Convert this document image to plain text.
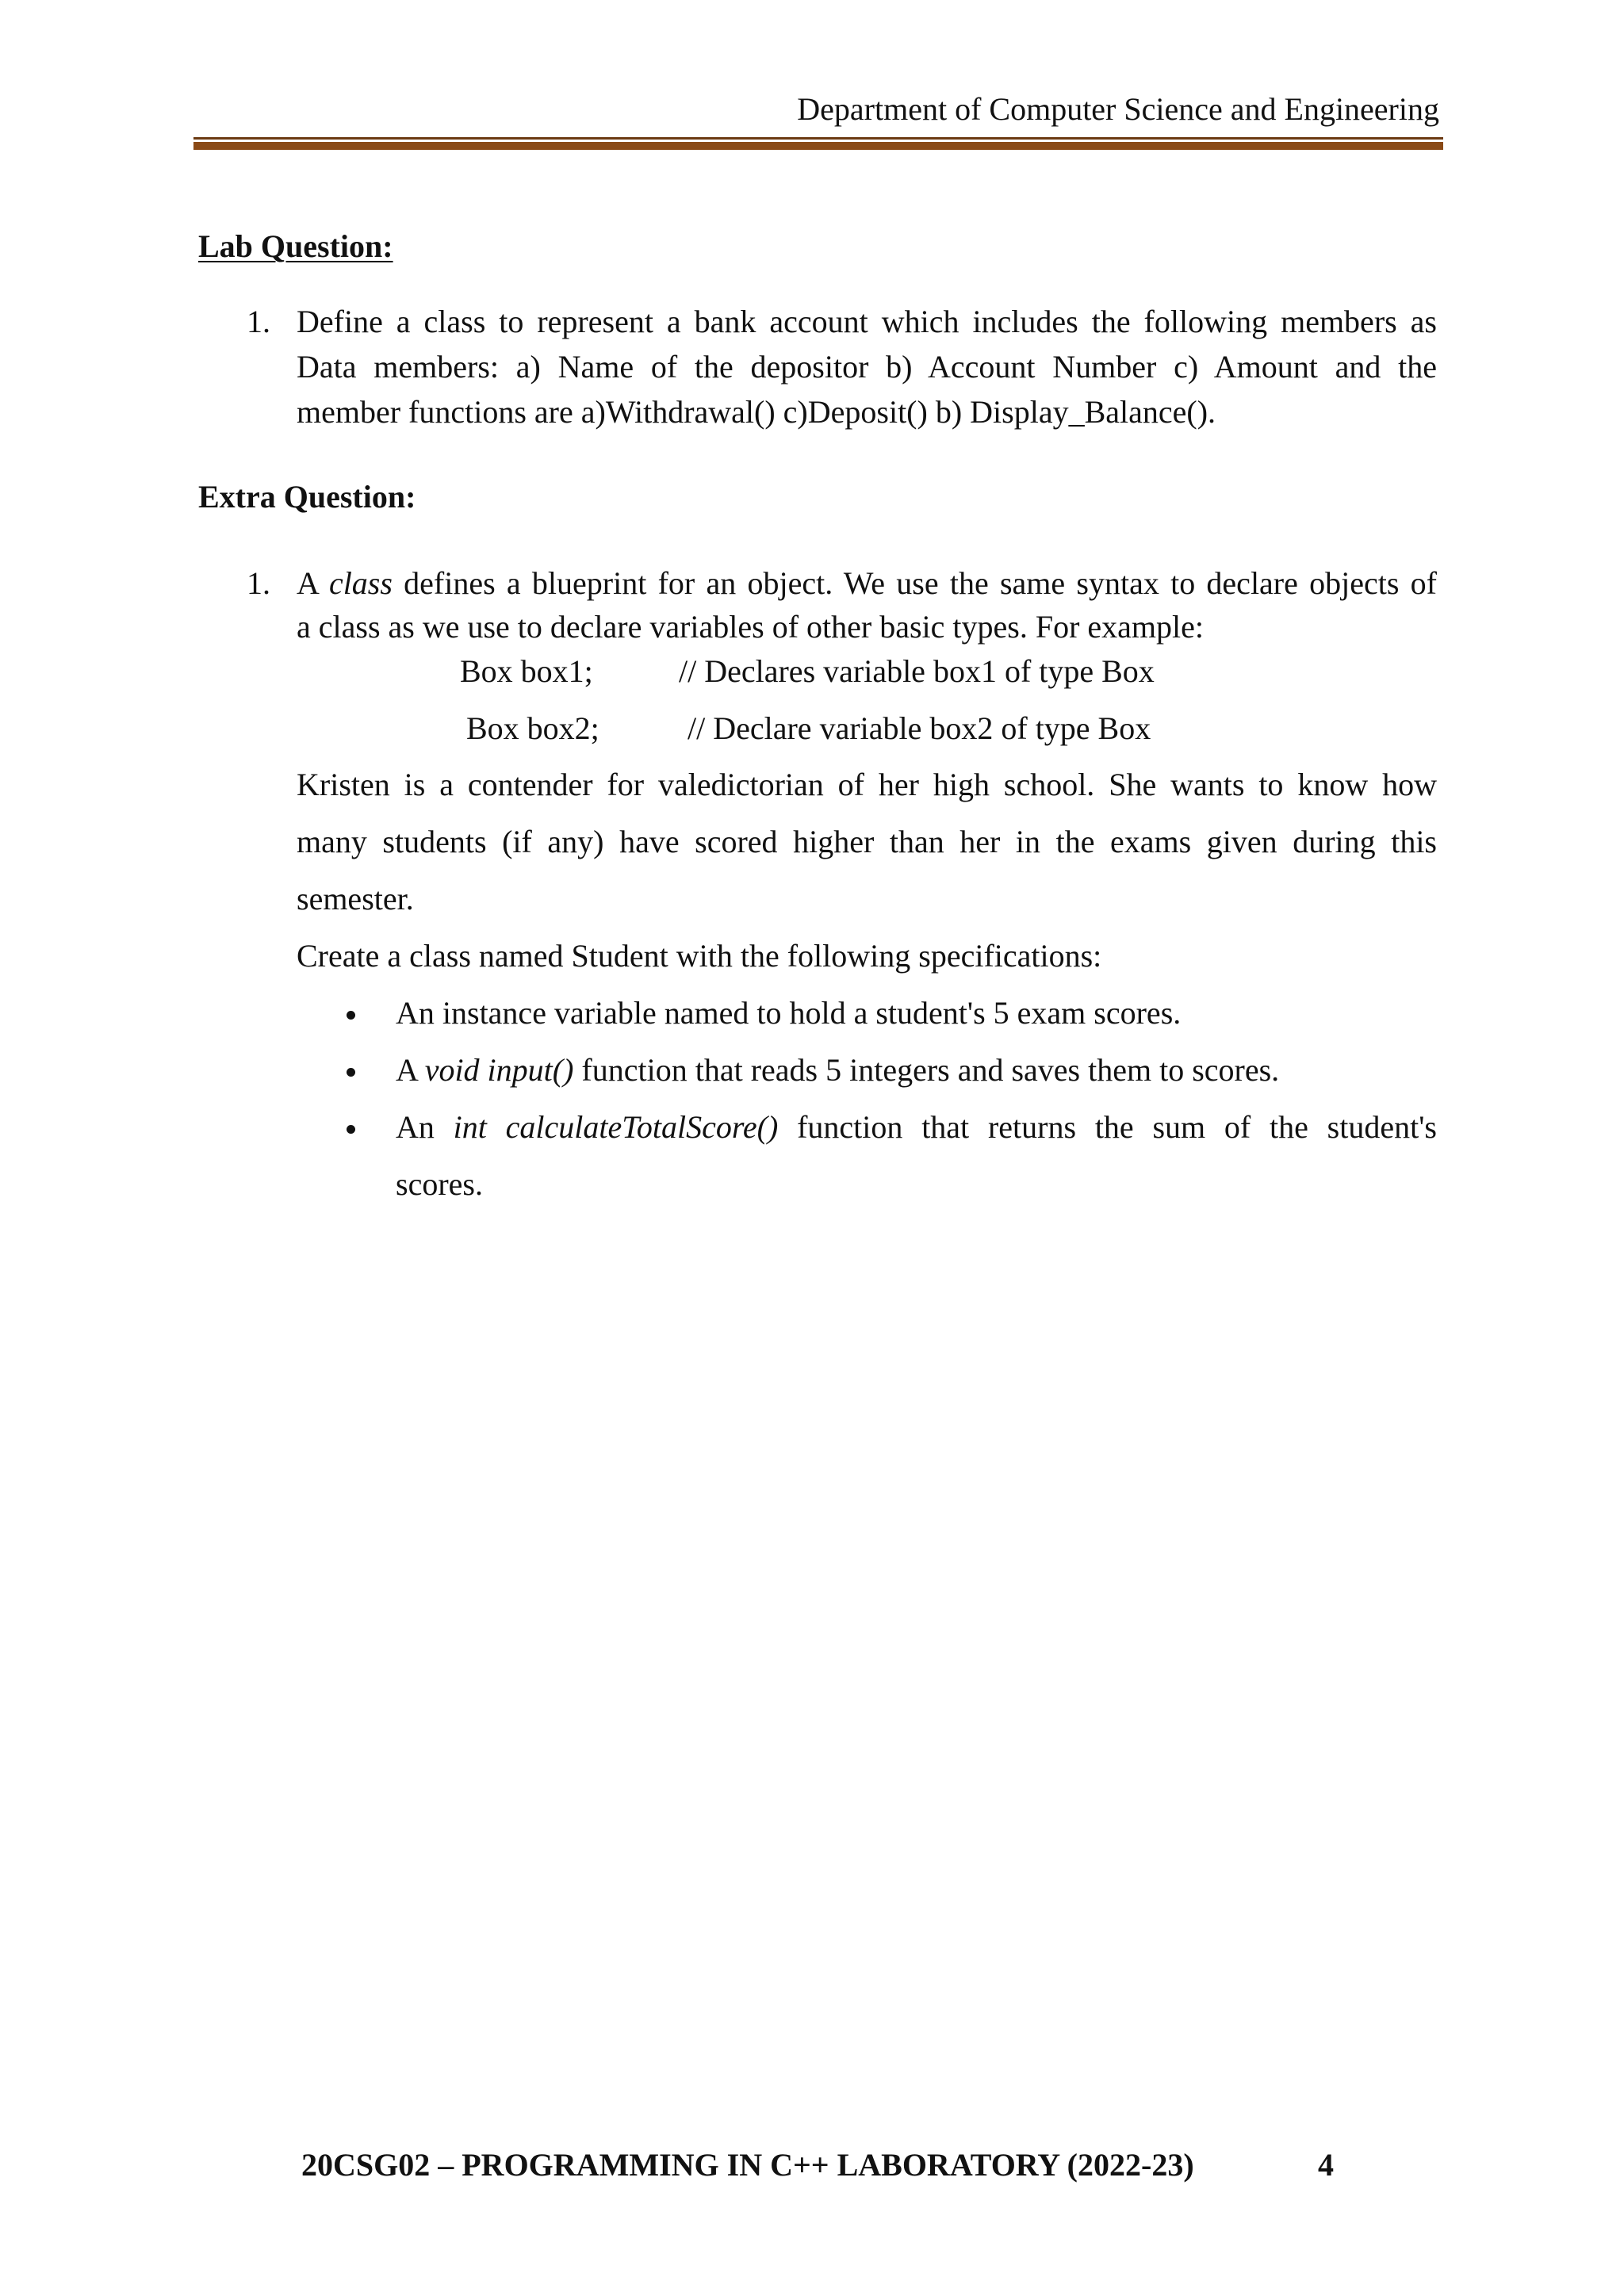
Department of Computer Science and Engineering
Lab Question:
1. Define a class to represent a bank account which includes the following members as
Data members: a) Name of the depositor b) Account Number c) Amount and the
member functions are a)Withdrawal() c)Deposit() b) Display_Balance().
Extra Question:
1. A class defines a blueprint for an object. We use the same syntax to declare objects of
a class as we use to declare variables of other basic types. For example:
Box box1;	// Declares variable box1 of type Box
Box box2;	// Declare variable box2 of type Box
Kristen is a contender for valedictorian of her high school. She wants to know how
many students (if any) have scored higher than her in the exams given during this
semester.
Create a class named Student with the following specifications:
An instance variable named to hold a student's 5 exam scores.
A void input() function that reads 5 integers and saves them to scores.
An int calculateTotalScore() function that returns the sum of the student's
scores.
20CSG02 – PROGRAMMING IN C++ LABORATORY (2022-23)	4
